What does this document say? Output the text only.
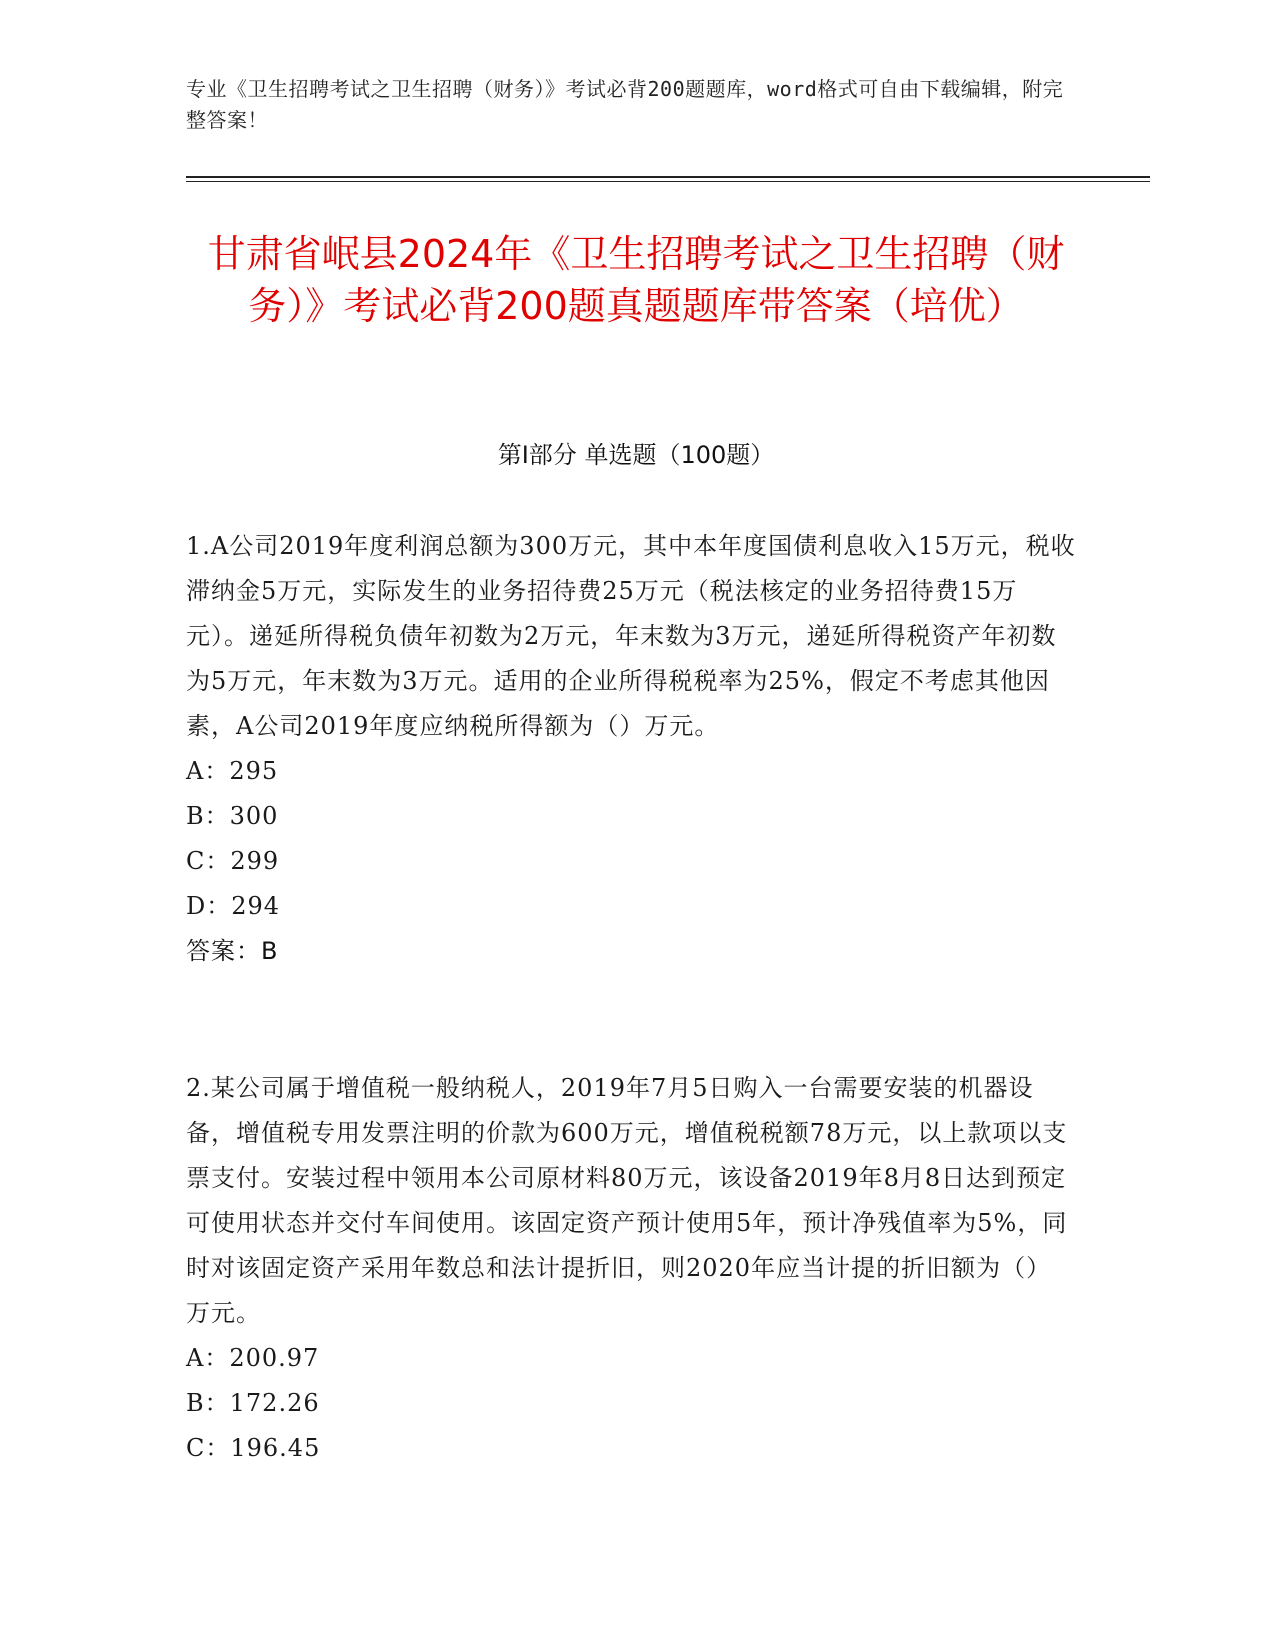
专业《卫生招聘考试之卫生招聘（财务）》考试必背200题题库，word格式可自由下载编辑，附完整答案！
甘肃省岷县2024年《卫生招聘考试之卫生招聘（财务）》考试必背200题真题题库带答案（培优）
第Ⅰ部分 单选题（100题）

1.A公司2019年度利润总额为300万元，其中本年度国债利息收入15万元，税收滞纳金5万元，实际发生的业务招待费25万元（税法核定的业务招待费15万元）。递延所得税负债年初数为2万元，年末数为3万元，递延所得税资产年初数为5万元，年末数为3万元。适用的企业所得税税率为25%，假定不考虑其他因素，A公司2019年度应纳税所得额为（）万元。

A：295

B：300

C：299

D：294

答案：B

2.某公司属于增值税一般纳税人，2019年7月5日购入一台需要安装的机器设备，增值税专用发票注明的价款为600万元，增值税税额78万元，以上款项以支票支付。安装过程中领用本公司原材料80万元，该设备2019年8月8日达到预定可使用状态并交付车间使用。该固定资产预计使用5年，预计净残值率为5%，同时对该固定资产采用年数总和法计提折旧，则2020年应当计提的折旧额为（）万元。

A：200.97

B：172.26

C：196.45
